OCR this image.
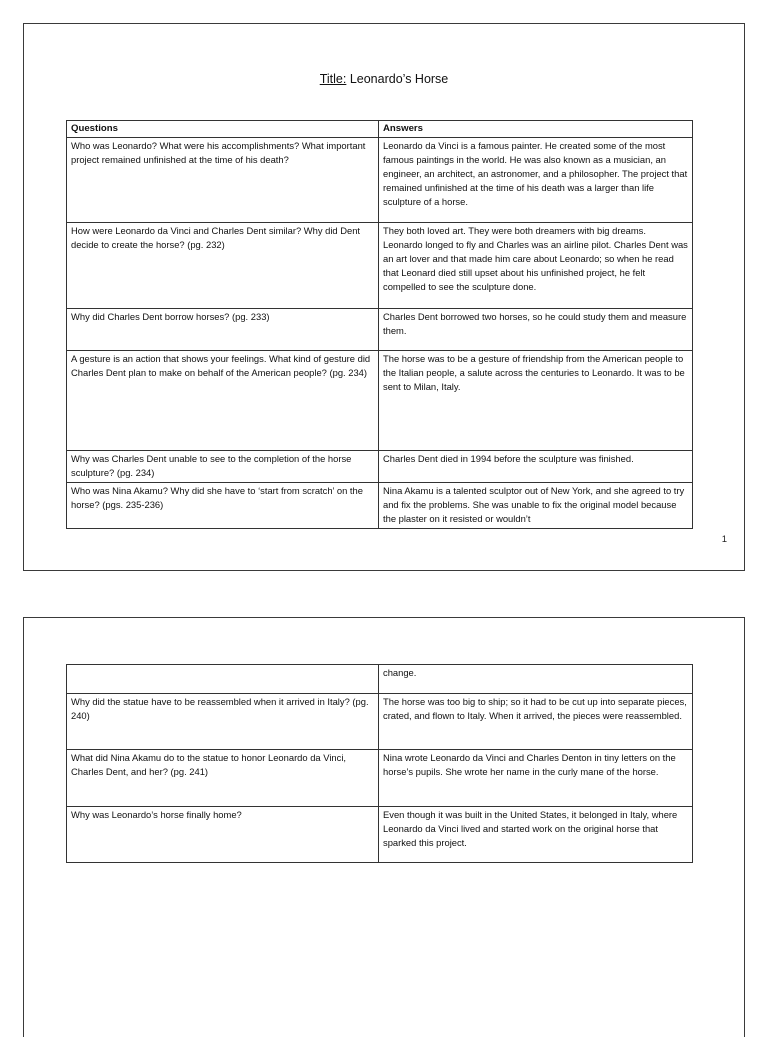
Title: Leonardo’s Horse
Questions	Answers
Who was Leonardo? What were his accomplishments? What important project remained unfinished at the time of his death?	Leonardo da Vinci is a famous painter. He created some of the most famous paintings in the world. He was also known as a musician, an engineer, an architect, an astronomer, and a philosopher. The project that remained unfinished at the time of his death was a larger than life sculpture of a horse.
How were Leonardo da Vinci and Charles Dent similar? Why did Dent decide to create the horse? (pg. 232)	They both loved art. They were both dreamers with big dreams. Leonardo longed to fly and Charles was an airline pilot. Charles Dent was an art lover and that made him care about Leonardo; so when he read that Leonard died still upset about his unfinished project, he felt compelled to see the sculpture done.
Why did Charles Dent borrow horses? (pg. 233)	Charles Dent borrowed two horses, so he could study them and measure them.
A gesture is an action that shows your feelings. What kind of gesture did Charles Dent plan to make on behalf of the American people? (pg. 234)	The horse was to be a gesture of friendship from the American people to the Italian people, a salute across the centuries to Leonardo. It was to be sent to Milan, Italy.
Why was Charles Dent unable to see to the completion of the horse sculpture? (pg. 234)	Charles Dent died in 1994 before the sculpture was finished.
Who was Nina Akamu? Why did she have to ‘start from scratch’ on the horse? (pgs. 235-236)	Nina Akamu is a talented sculptor out of New York, and she agreed to try and fix the problems. She was unable to fix the original model because the plaster on it resisted or wouldn’t
1
	change.
Why did the statue have to be reassembled when it arrived in Italy? (pg. 240)	The horse was too big to ship; so it had to be cut up into separate pieces, crated, and flown to Italy. When it arrived, the pieces were reassembled.
What did Nina Akamu do to the statue to honor Leonardo da Vinci, Charles Dent, and her? (pg. 241)	Nina wrote Leonardo da Vinci and Charles Denton in tiny letters on the horse’s pupils. She wrote her name in the curly mane of the horse.
Why was Leonardo’s horse finally home?	Even though it was built in the United States, it belonged in Italy, where Leonardo da Vinci lived and started work on the original horse that sparked this project.
